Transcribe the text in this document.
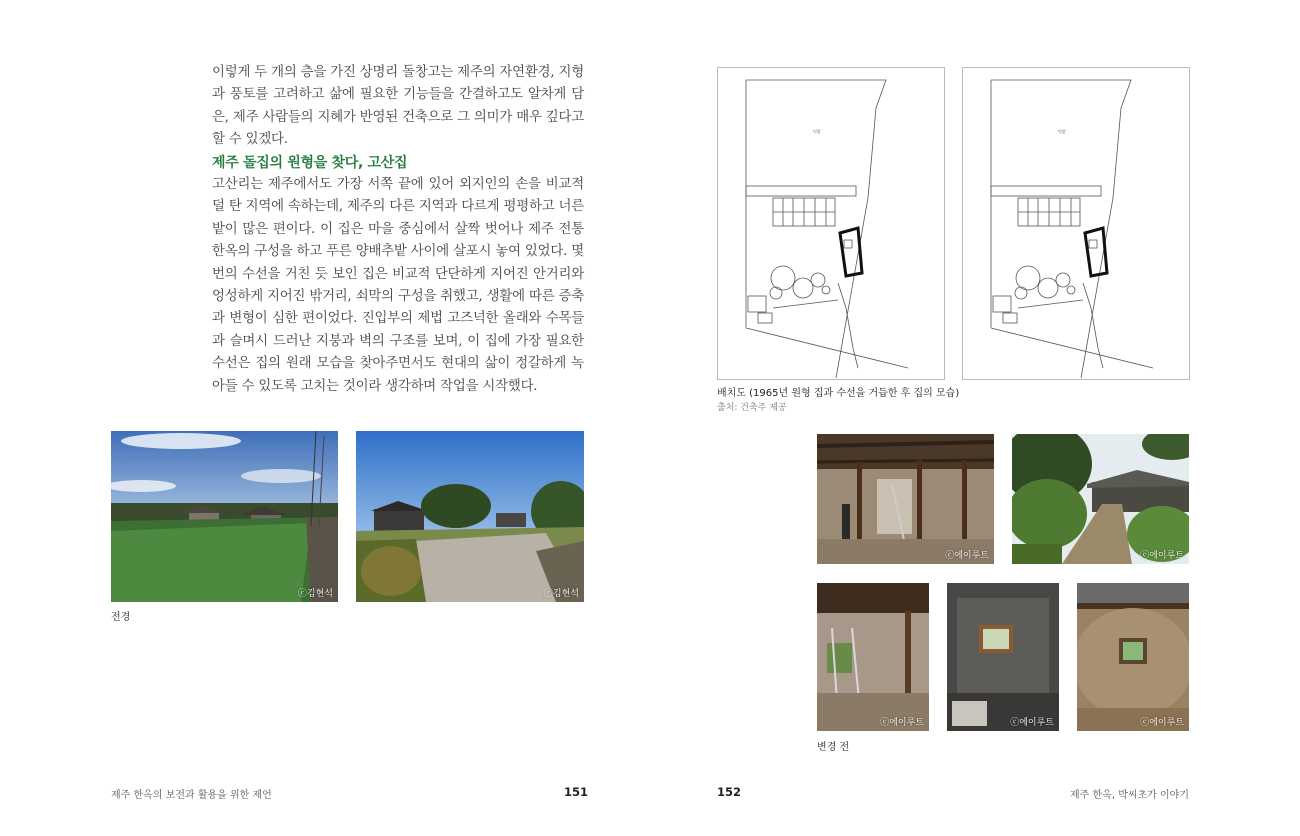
이렇게 두 개의 층을 가진 상명리 돌창고는 제주의 자연환경, 지형과 풍토를 고려하고 삶에 필요한 기능들을 간결하고도 알차게 담은, 제주 사람들의 지혜가 반영된 건축으로 그 의미가 매우 깊다고 할 수 있겠다.

제주 돌집의 원형을 찾다, 고산집

고산리는 제주에서도 가장 서쪽 끝에 있어 외지인의 손을 비교적 덜 탄 지역에 속하는데, 제주의 다른 지역과 다르게 평평하고 너른 밭이 많은 편이다. 이 집은 마을 중심에서 살짝 벗어나 제주 전통 한옥의 구성을 하고 푸른 양배추밭 사이에 살포시 놓여 있었다. 몇 번의 수선을 거친 듯 보인 집은 비교적 단단하게 지어진 안거리와 엉성하게 지어진 밖거리, 쇠막의 구성을 취했고, 생활에 따른 증축과 변형이 심한 편이었다. 진입부의 제법 고즈넉한 올래와 수목들과 슬며시 드러난 지붕과 벽의 구조를 보며, 이 집에 가장 필요한 수선은 집의 원래 모습을 찾아주면서도 현대의 삶이 정갈하게 녹아들 수 있도록 고치는 것이라 생각하며 작업을 시작했다.

ⓒ김현석	ⓒ김현석
전경
제주 한옥의 보전과 활용을 위한 제언	151
텃밭	텃밭
배치도 (1965년 원형 집과 수선을 거듭한 후 집의 모습)
출처: 건축주 제공
ⓒ에이루트	ⓒ에이루트
ⓒ에이루트	ⓒ에이루트	ⓒ에이루트
변경 전
152	제주 한옥, 박씨초가 이야기
